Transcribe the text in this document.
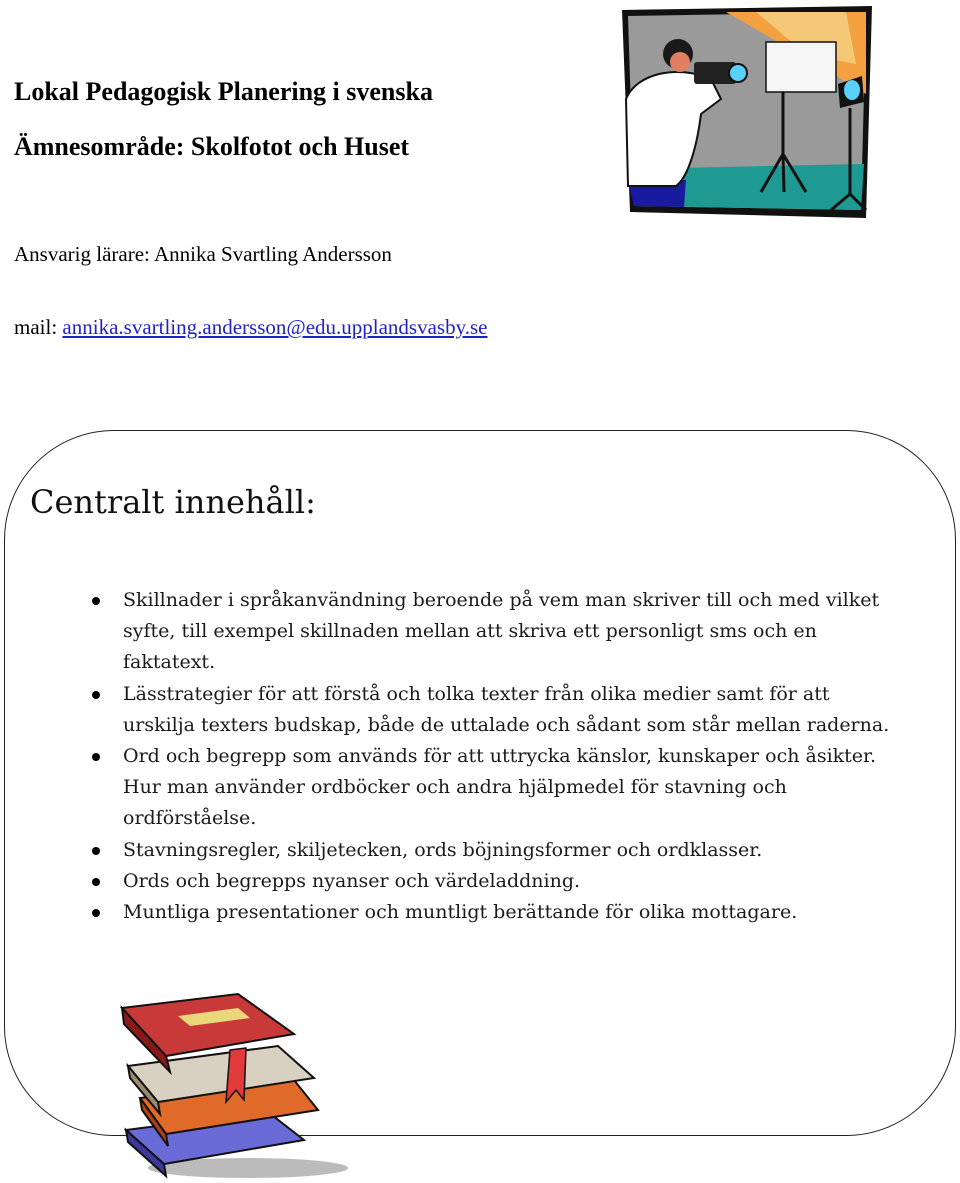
Lokal Pedagogisk Planering i svenska
Ämnesområde: Skolfotot och Huset

Ansvarig lärare: Annika Svartling Andersson

mail: annika.svartling.andersson@edu.upplandsvasby.se

Centralt innehåll:
Skillnader i språkanvändning beroende på vem man skriver till och med vilket syfte, till exempel skillnaden mellan att skriva ett personligt sms och en faktatext.
Lässtrategier för att förstå och tolka texter från olika medier samt för att urskilja texters budskap, både de uttalade och sådant som står mellan raderna.
Ord och begrepp som används för att uttrycka känslor, kunskaper och åsikter.
Hur man använder ordböcker och andra hjälpmedel för stavning och ordförståelse.
Stavningsregler, skiljetecken, ords böjningsformer och ordklasser.
Ords och begrepps nyanser och värdeladdning.
Muntliga presentationer och muntligt berättande för olika mottagare.
